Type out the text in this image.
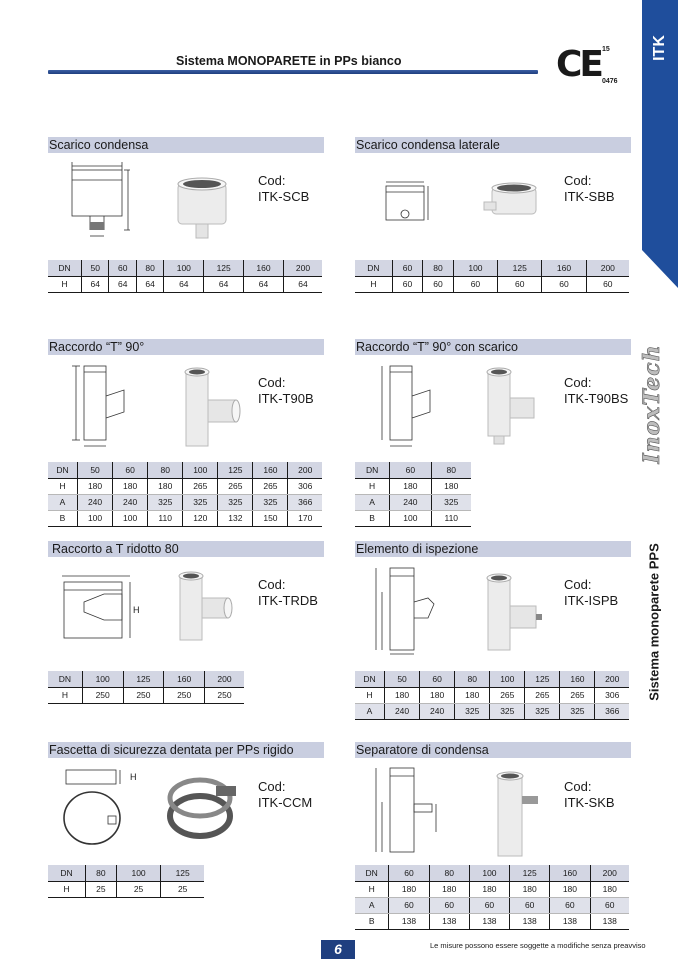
Sistema MONOPARETE in PPs bianco	CE 15
0476
ITK
InoxTech
Sistema monoparete PPS
Scarico condensa
Cod:
ITK-SCB
DN	50	60	80	100	125	160	200
H	64	64	64	64	64	64	64
Scarico condensa laterale
Cod:
ITK-SBB
DN	60	80	100	125	160	200
H	60	60	60	60	60	60
Raccordo “T” 90°
Cod:
ITK-T90B
DN	50	60	80	100	125	160	200
H	180	180	180	265	265	265	306
A	240	240	325	325	325	325	366
B	100	100	110	120	132	150	170
Raccordo “T” 90° con scarico
Cod:
ITK-T90BS
DN	60	80
H	180	180
A	240	325
B	100	110
Raccorto a T ridotto 80
H
Cod:
ITK-TRDB
DN	100	125	160	200
H	250	250	250	250
Elemento di ispezione
Cod:
ITK-ISPB
DN	50	60	80	100	125	160	200
H	180	180	180	265	265	265	306
A	240	240	325	325	325	325	366
Fascetta di sicurezza dentata per PPs rigido
H
Cod:
ITK-CCM
DN	80	100	125
H	25	25	25
Separatore di condensa
Cod:
ITK-SKB
DN	60	80	100	125	160	200
H	180	180	180	180	180	180
A	60	60	60	60	60	60
B	138	138	138	138	138	138
6	Le misure possono essere soggette a modifiche senza preavviso
